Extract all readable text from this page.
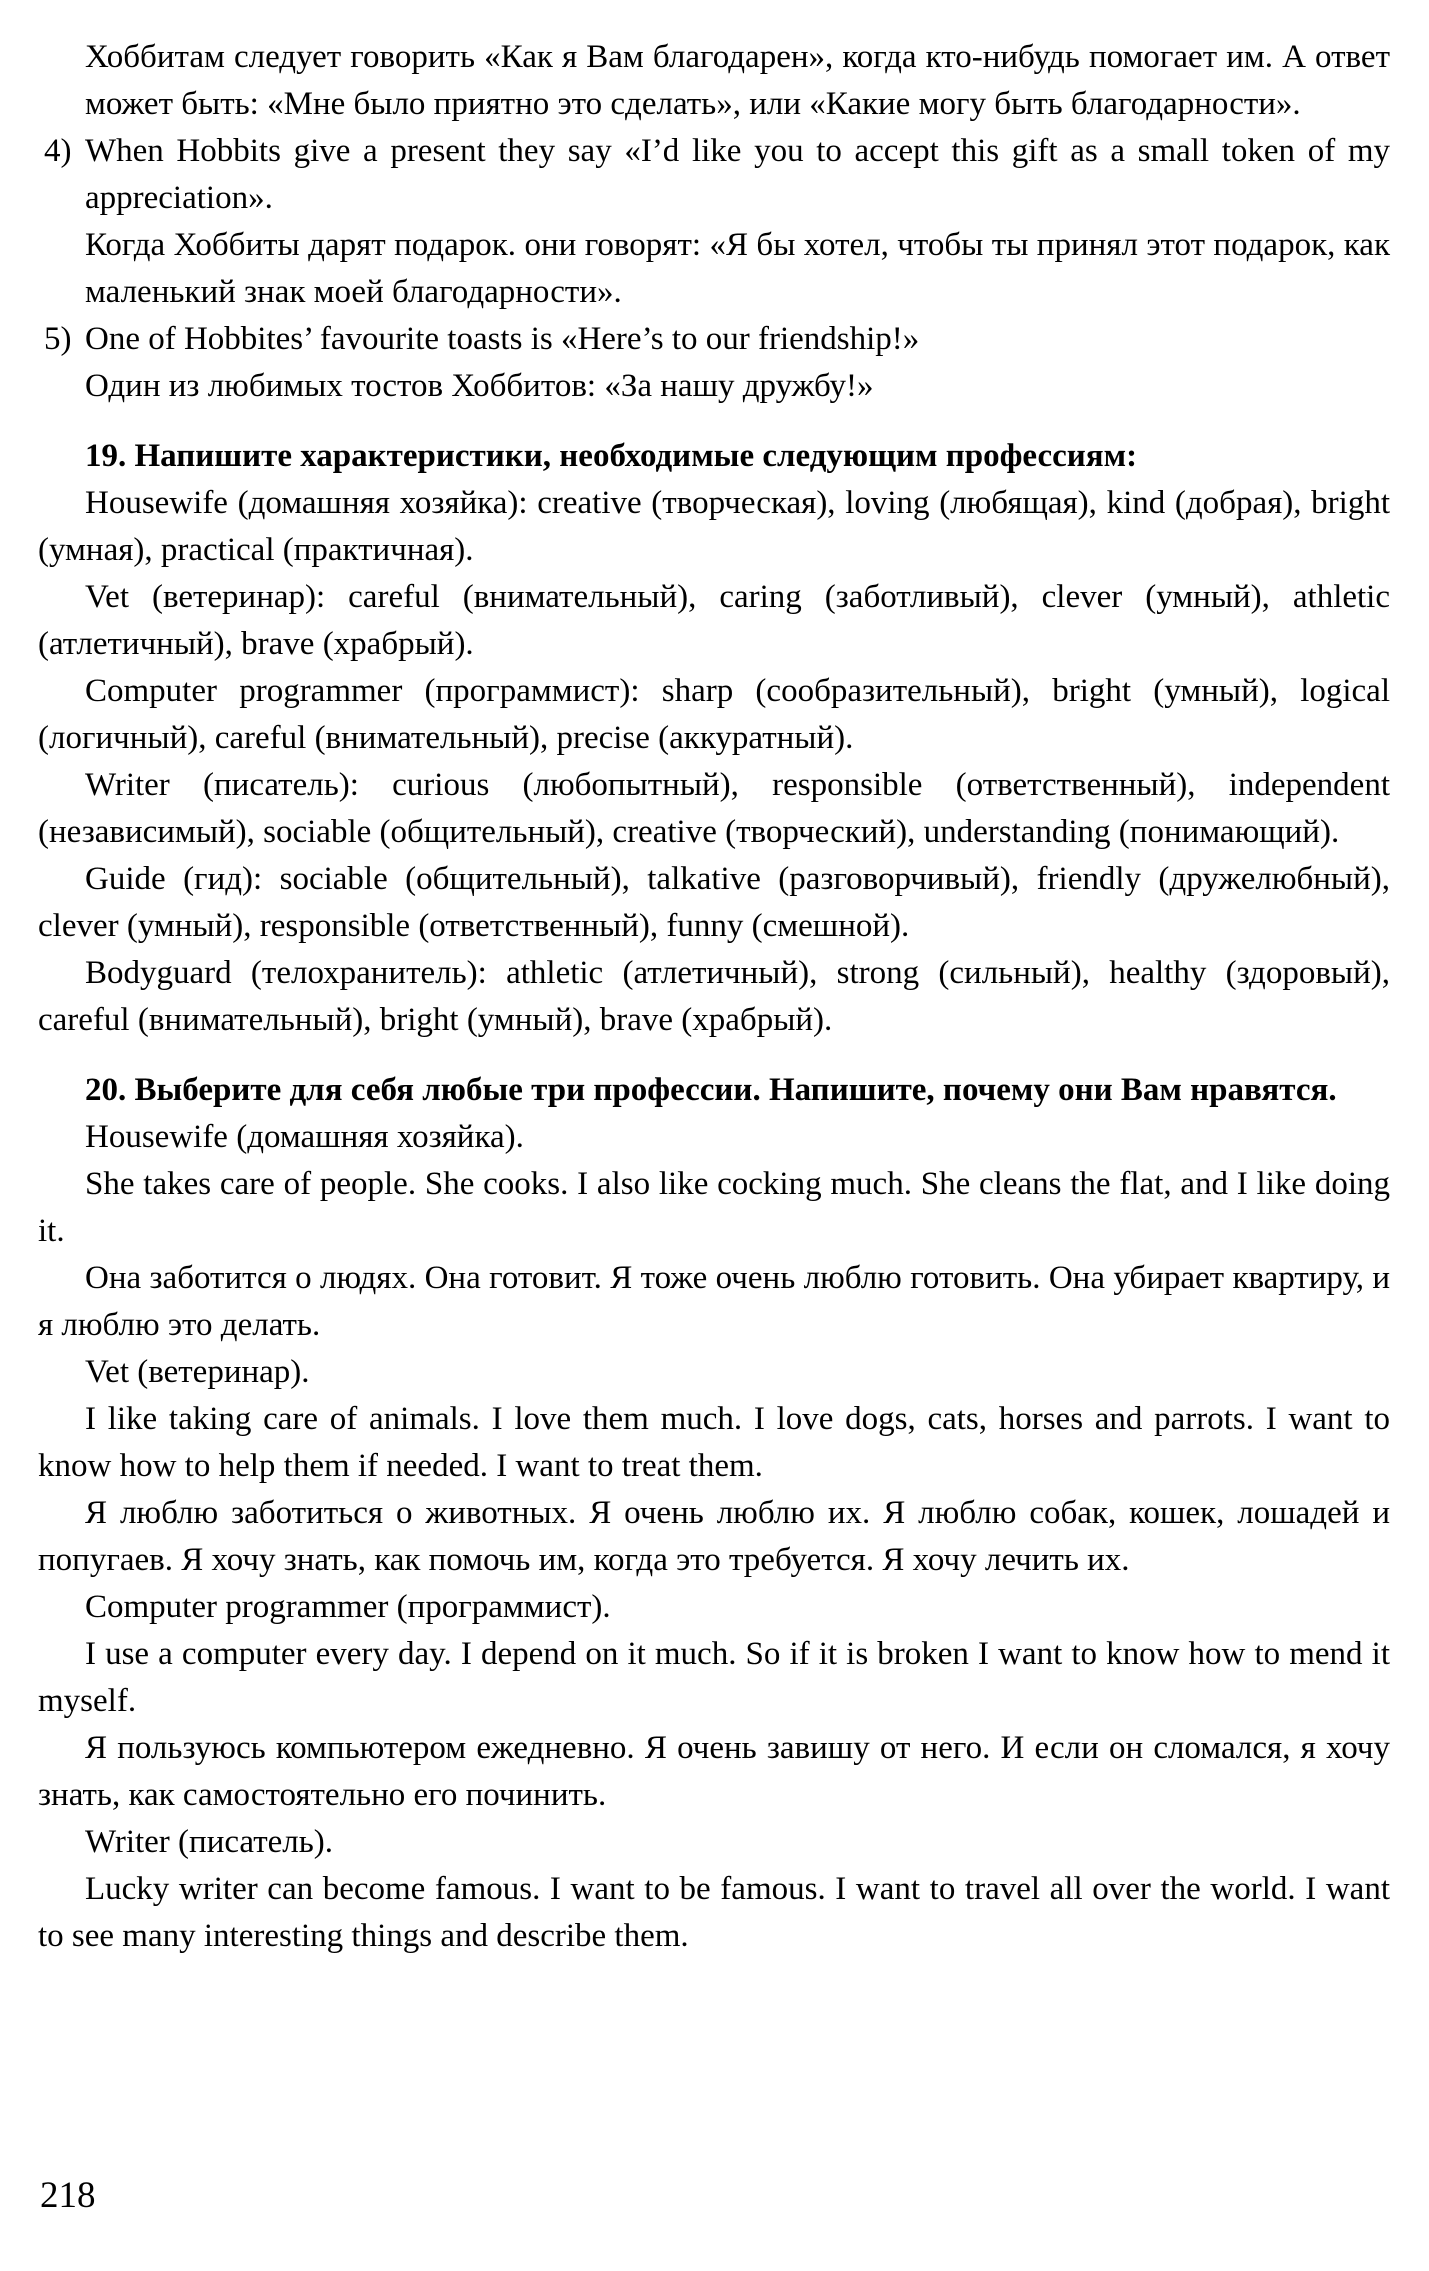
Хоббитам следует говорить «Как я Вам благодарен», когда кто-нибудь помогает им. А ответ может быть: «Мне было приятно это сделать», или «Какие могу быть благодарности».

4) When Hobbits give a present they say «I’d like you to accept this gift as a small token of my appreciation».

Когда Хоббиты дарят подарок. они говорят: «Я бы хотел, чтобы ты принял этот подарок, как маленький знак моей благодарности».

5) One of Hobbites’ favourite toasts is «Here’s to our friendship!»

Один из любимых тостов Хоббитов: «За нашу дружбу!»

19. Напишите характеристики, необходимые следующим профессиям:

Housewife (домашняя хозяйка): creative (творческая), loving (любящая), kind (добрая), bright (умная), practical (практичная).

Vet (ветеринар): careful (внимательный), caring (заботливый), clever (умный), athletic (атлетичный), brave (храбрый).

Computer programmer (программист): sharp (сообразительный), bright (умный), logical (логичный), careful (внимательный), precise (аккуратный).

Writer (писатель): curious (любопытный), responsible (ответственный), independent (независимый), sociable (общительный), creative (творческий), understanding (понимающий).

Guide (гид): sociable (общительный), talkative (разговорчивый), friendly (дружелюбный), clever (умный), responsible (ответственный), funny (смешной).

Bodyguard (телохранитель): athletic (атлетичный), strong (сильный), healthy (здоровый), careful (внимательный), bright (умный), brave (храбрый).

20. Выберите для себя любые три профессии. Напишите, почему они Вам нравятся.

Housewife (домашняя хозяйка).

She takes care of people. She cooks. I also like cocking much. She cleans the flat, and I like doing it.

Она заботится о людях. Она готовит. Я тоже очень люблю готовить. Она убирает квартиру, и я люблю это делать.

Vet (ветеринар).

I like taking care of animals. I love them much. I love dogs, cats, horses and parrots. I want to know how to help them if needed. I want to treat them.

Я люблю заботиться о животных. Я очень люблю их. Я люблю собак, кошек, лошадей и попугаев. Я хочу знать, как помочь им, когда это требуется. Я хочу лечить их.

Computer programmer (программист).

I use a computer every day. I depend on it much. So if it is broken I want to know how to mend it myself.

Я пользуюсь компьютером ежедневно. Я очень завишу от него. И если он сломался, я хочу знать, как самостоятельно его починить.

Writer (писатель).

Lucky writer can become famous. I want to be famous. I want to travel all over the world. I want to see many interesting things and describe them.

218
